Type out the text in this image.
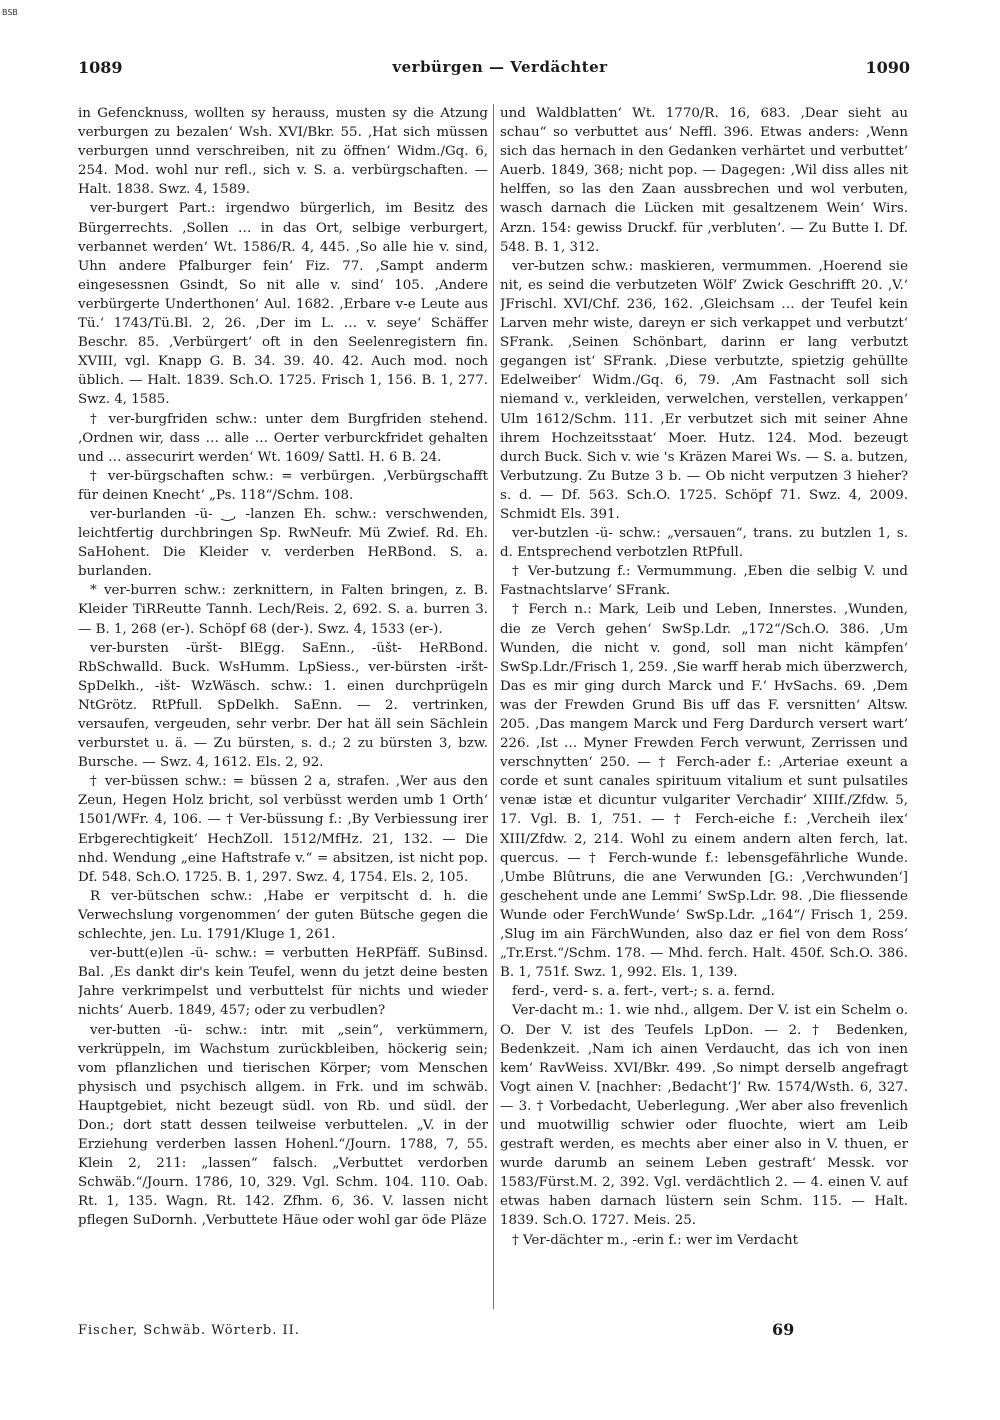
BSB
1089	verbürgen — Verdächter	1090

in Gefencknuss, wollten sy herauss, musten sy die Atzung verburgen zu bezalen‘ Wsh. XVI/Bkr. 55. ‚Hat sich müssen verburgen unnd verschreiben, nit zu öffnen‘ Widm./Gq. 6, 254. Mod. wohl nur refl., sich v. S. a. verbürgschaften. — Halt. 1838. Swz. 4, 1589.

ver-burgert Part.: irgendwo bürgerlich, im Besitz des Bürgerrechts. ‚Sollen … in das Ort, selbige verburgert, verbannet werden‘ Wt. 1586/R. 4, 445. ‚So alle hie v. sind, Uhn andere Pfalburger fein‘ Fiz. 77. ‚Sampt anderm eingesessnen Gsindt, So nit alle v. sind‘ 105. ‚Andere verbürgerte Underthonen‘ Aul. 1682. ‚Erbare v-e Leute aus Tü.‘ 1743/Tü.Bl. 2, 26. ‚Der im L. … v. seye‘ Schäffer Beschr. 85. ‚Verbürgert‘ oft in den Seelenregistern fin. XVIII, vgl. Knapp G. B. 34. 39. 40. 42. Auch mod. noch üblich. — Halt. 1839. Sch.O. 1725. Frisch 1, 156. B. 1, 277. Swz. 4, 1585.

† ver-burgfriden schw.: unter dem Burgfriden stehend. ‚Ordnen wir, dass … alle … Oerter verburckfridet gehalten und … assecurirt werden‘ Wt. 1609/ Sattl. H. 6 B. 24.

† ver-bürgschaften schw.: = verbürgen. ‚Verbürgschafft für deinen Knecht‘ „Ps. 118“/Schm. 108.

ver-burlanden -ü- ‿, -lanzen Eh. schw.: verschwenden, leichtfertig durchbringen Sp. RwNeufr. Mü Zwief. Rd. Eh. SaHohent. Die Kleider v. verderben HeRBond. S. a. burlanden.

* ver-burren schw.: zerknittern, in Falten bringen, z. B. Kleider TiRReutte Tannh. Lech/Reis. 2, 692. S. a. burren 3. — B. 1, 268 (er-). Schöpf 68 (der-). Swz. 4, 1533 (er-).

ver-bursten -üršt- BlEgg. SaEnn., -üšt- HeRBond. RbSchwalld. Buck. WsHumm. LpSiess., ver-bürsten -iršt- SpDelkh., -išt- WzWäsch. schw.: 1. einen durchprügeln NtGrötz. RtPfull. SpDelkh. SaEnn. — 2. vertrinken, versaufen, vergeuden, sehr verbr. Der hat äll sein Sächlein verburstet u. ä. — Zu bürsten, s. d.; 2 zu bürsten 3, bzw. Bursche. — Swz. 4, 1612. Els. 2, 92.

† ver-büssen schw.: = büssen 2 a, strafen. ‚Wer aus den Zeun, Hegen Holz bricht, sol verbüsst werden umb 1 Orth‘ 1501/WFr. 4, 106. — † Ver-büssung f.: ‚By Verbiessung irer Erbgerechtigkeit‘ HechZoll. 1512/MfHz. 21, 132. — Die nhd. Wendung „eine Haftstrafe v.“ = absitzen, ist nicht pop. Df. 548. Sch.O. 1725. B. 1, 297. Swz. 4, 1754. Els. 2, 105.

R ver-bütschen schw.: ‚Habe er verpitscht d. h. die Verwechslung vorgenommen‘ der guten Bütsche gegen die schlechte, jen. Lu. 1791/Kluge 1, 261.

ver-butt(e)len -ü- schw.: = verbutten HeRPfäff. SuBinsd. Bal. ‚Es dankt dir's kein Teufel, wenn du jetzt deine besten Jahre verkrimpelst und verbuttelst für nichts und wieder nichts‘ Auerb. 1849, 457; oder zu verbudlen?

ver-butten -ü- schw.: intr. mit „sein“, verkümmern, verkrüppeln, im Wachstum zurückbleiben, höckerig sein; vom pflanzlichen und tierischen Körper; vom Menschen physisch und psychisch allgem. in Frk. und im schwäb. Hauptgebiet, nicht bezeugt südl. von Rb. und südl. der Don.; dort statt dessen teilweise verbuttelen. „V. in der Erziehung verderben lassen Hohenl.“/Journ. 1788, 7, 55. Klein 2, 211: „lassen“ falsch. „Verbuttet verdorben Schwäb.“/Journ. 1786, 10, 329. Vgl. Schm. 104. 110. Oab. Rt. 1, 135. Wagn. Rt. 142. Zfhm. 6, 36. V. lassen nicht pflegen SuDornh. ‚Verbuttete Häue oder wohl gar öde Pläze

und Waldblatten‘ Wt. 1770/R. 16, 683. ‚Dear sieht au schau“ so verbuttet aus‘ Neffl. 396. Etwas anders: ‚Wenn sich das hernach in den Gedanken verhärtet und verbuttet‘ Auerb. 1849, 368; nicht pop. — Dagegen: ‚Wil diss alles nit helffen, so las den Zaan aussbrechen und wol verbuten, wasch darnach die Lücken mit gesaltzenem Wein‘ Wirs. Arzn. 154: gewiss Druckf. für ‚verbluten‘. — Zu Butte I. Df. 548. B. 1, 312.

ver-butzen schw.: maskieren, vermummen. ‚Hoerend sie nit, es seind die verbutzeten Wölf‘ Zwick Geschrifft 20. ‚V.‘ JFrischl. XVI/Chf. 236, 162. ‚Gleichsam … der Teufel kein Larven mehr wiste, dareyn er sich verkappet und verbutzt‘ SFrank. ‚Seinen Schönbart, darinn er lang verbutzt gegangen ist‘ SFrank. ‚Diese verbutzte, spietzig gehüllte Edelweiber‘ Widm./Gq. 6, 79. ‚Am Fastnacht soll sich niemand v., verkleiden, verwelchen, verstellen, verkappen‘ Ulm 1612/Schm. 111. ‚Er verbutzet sich mit seiner Ahne ihrem Hochzeitsstaat‘ Moer. Hutz. 124. Mod. bezeugt durch Buck. Sich v. wie 's Kräzen Marei Ws. — S. a. butzen, Verbutzung. Zu Butze 3 b. — Ob nicht verputzen 3 hieher? s. d. — Df. 563. Sch.O. 1725. Schöpf 71. Swz. 4, 2009. Schmidt Els. 391.

ver-butzlen -ü- schw.: „versauen“, trans. zu butzlen 1, s. d. Entsprechend verbotzlen RtPfull.

† Ver-butzung f.: Vermummung. ‚Eben die selbig V. und Fastnachtslarve‘ SFrank.

† Ferch n.: Mark, Leib und Leben, Innerstes. ‚Wunden, die ze Verch gehen‘ SwSp.Ldr. „172“/Sch.O. 386. ‚Um Wunden, die nicht v. gond, soll man nicht kämpfen‘ SwSp.Ldr./Frisch 1, 259. ‚Sie warff herab mich überzwerch, Das es mir ging durch Marck und F.‘ HvSachs. 69. ‚Dem was der Frewden Grund Bis uff das F. versnitten‘ Altsw. 205. ‚Das mangem Marck und Ferg Dardurch versert wart‘ 226. ‚Ist … Myner Frewden Ferch verwunt, Zerrissen und verschnytten‘ 250. — † Ferch-ader f.: ‚Arteriae exeunt a corde et sunt canales spirituum vitalium et sunt pulsatiles venæ istæ et dicuntur vulgariter Verchadir‘ XIIIf./Zfdw. 5, 17. Vgl. B. 1, 751. — † Ferch-eiche f.: ‚Vercheih ilex‘ XIII/Zfdw. 2, 214. Wohl zu einem andern alten ferch, lat. quercus. — † Ferch-wunde f.: lebensgefährliche Wunde. ‚Umbe Blûtruns, die ane Verwunden [G.: ‚Verchwunden‘] geschehent unde ane Lemmi‘ SwSp.Ldr. 98. ‚Die fliessende Wunde oder FerchWunde‘ SwSp.Ldr. „164“/ Frisch 1, 259. ‚Slug im ain FärchWunden, also daz er fiel von dem Ross‘ „Tr.Erst.“/Schm. 178. — Mhd. ferch. Halt. 450f. Sch.O. 386. B. 1, 751f. Swz. 1, 992. Els. 1, 139.

ferd-, verd- s. a. fert-, vert-; s. a. fernd.

Ver-dacht m.: 1. wie nhd., allgem. Der V. ist ein Schelm o. O. Der V. ist des Teufels LpDon. — 2. † Bedenken, Bedenkzeit. ‚Nam ich ainen Verdaucht, das ich von inen kem‘ RavWeiss. XVI/Bkr. 499. ‚So nimpt derselb angefragt Vogt ainen V. [nachher: ‚Bedacht‘]‘ Rw. 1574/Wsth. 6, 327. — 3. † Vorbedacht, Ueberlegung. ‚Wer aber also frevenlich und muotwillig schwier oder fluochte, wiert am Leib gestraft werden, es mechts aber einer also in V. thuen, er wurde darumb an seinem Leben gestraft‘ Messk. vor 1583/Fürst.M. 2, 392. Vgl. verdächtlich 2. — 4. einen V. auf etwas haben darnach lüstern sein Schm. 115. — Halt. 1839. Sch.O. 1727. Meis. 25.

† Ver-dächter m., -erin f.: wer im Verdacht

Fischer, Schwäb. Wörterb. II.	69
